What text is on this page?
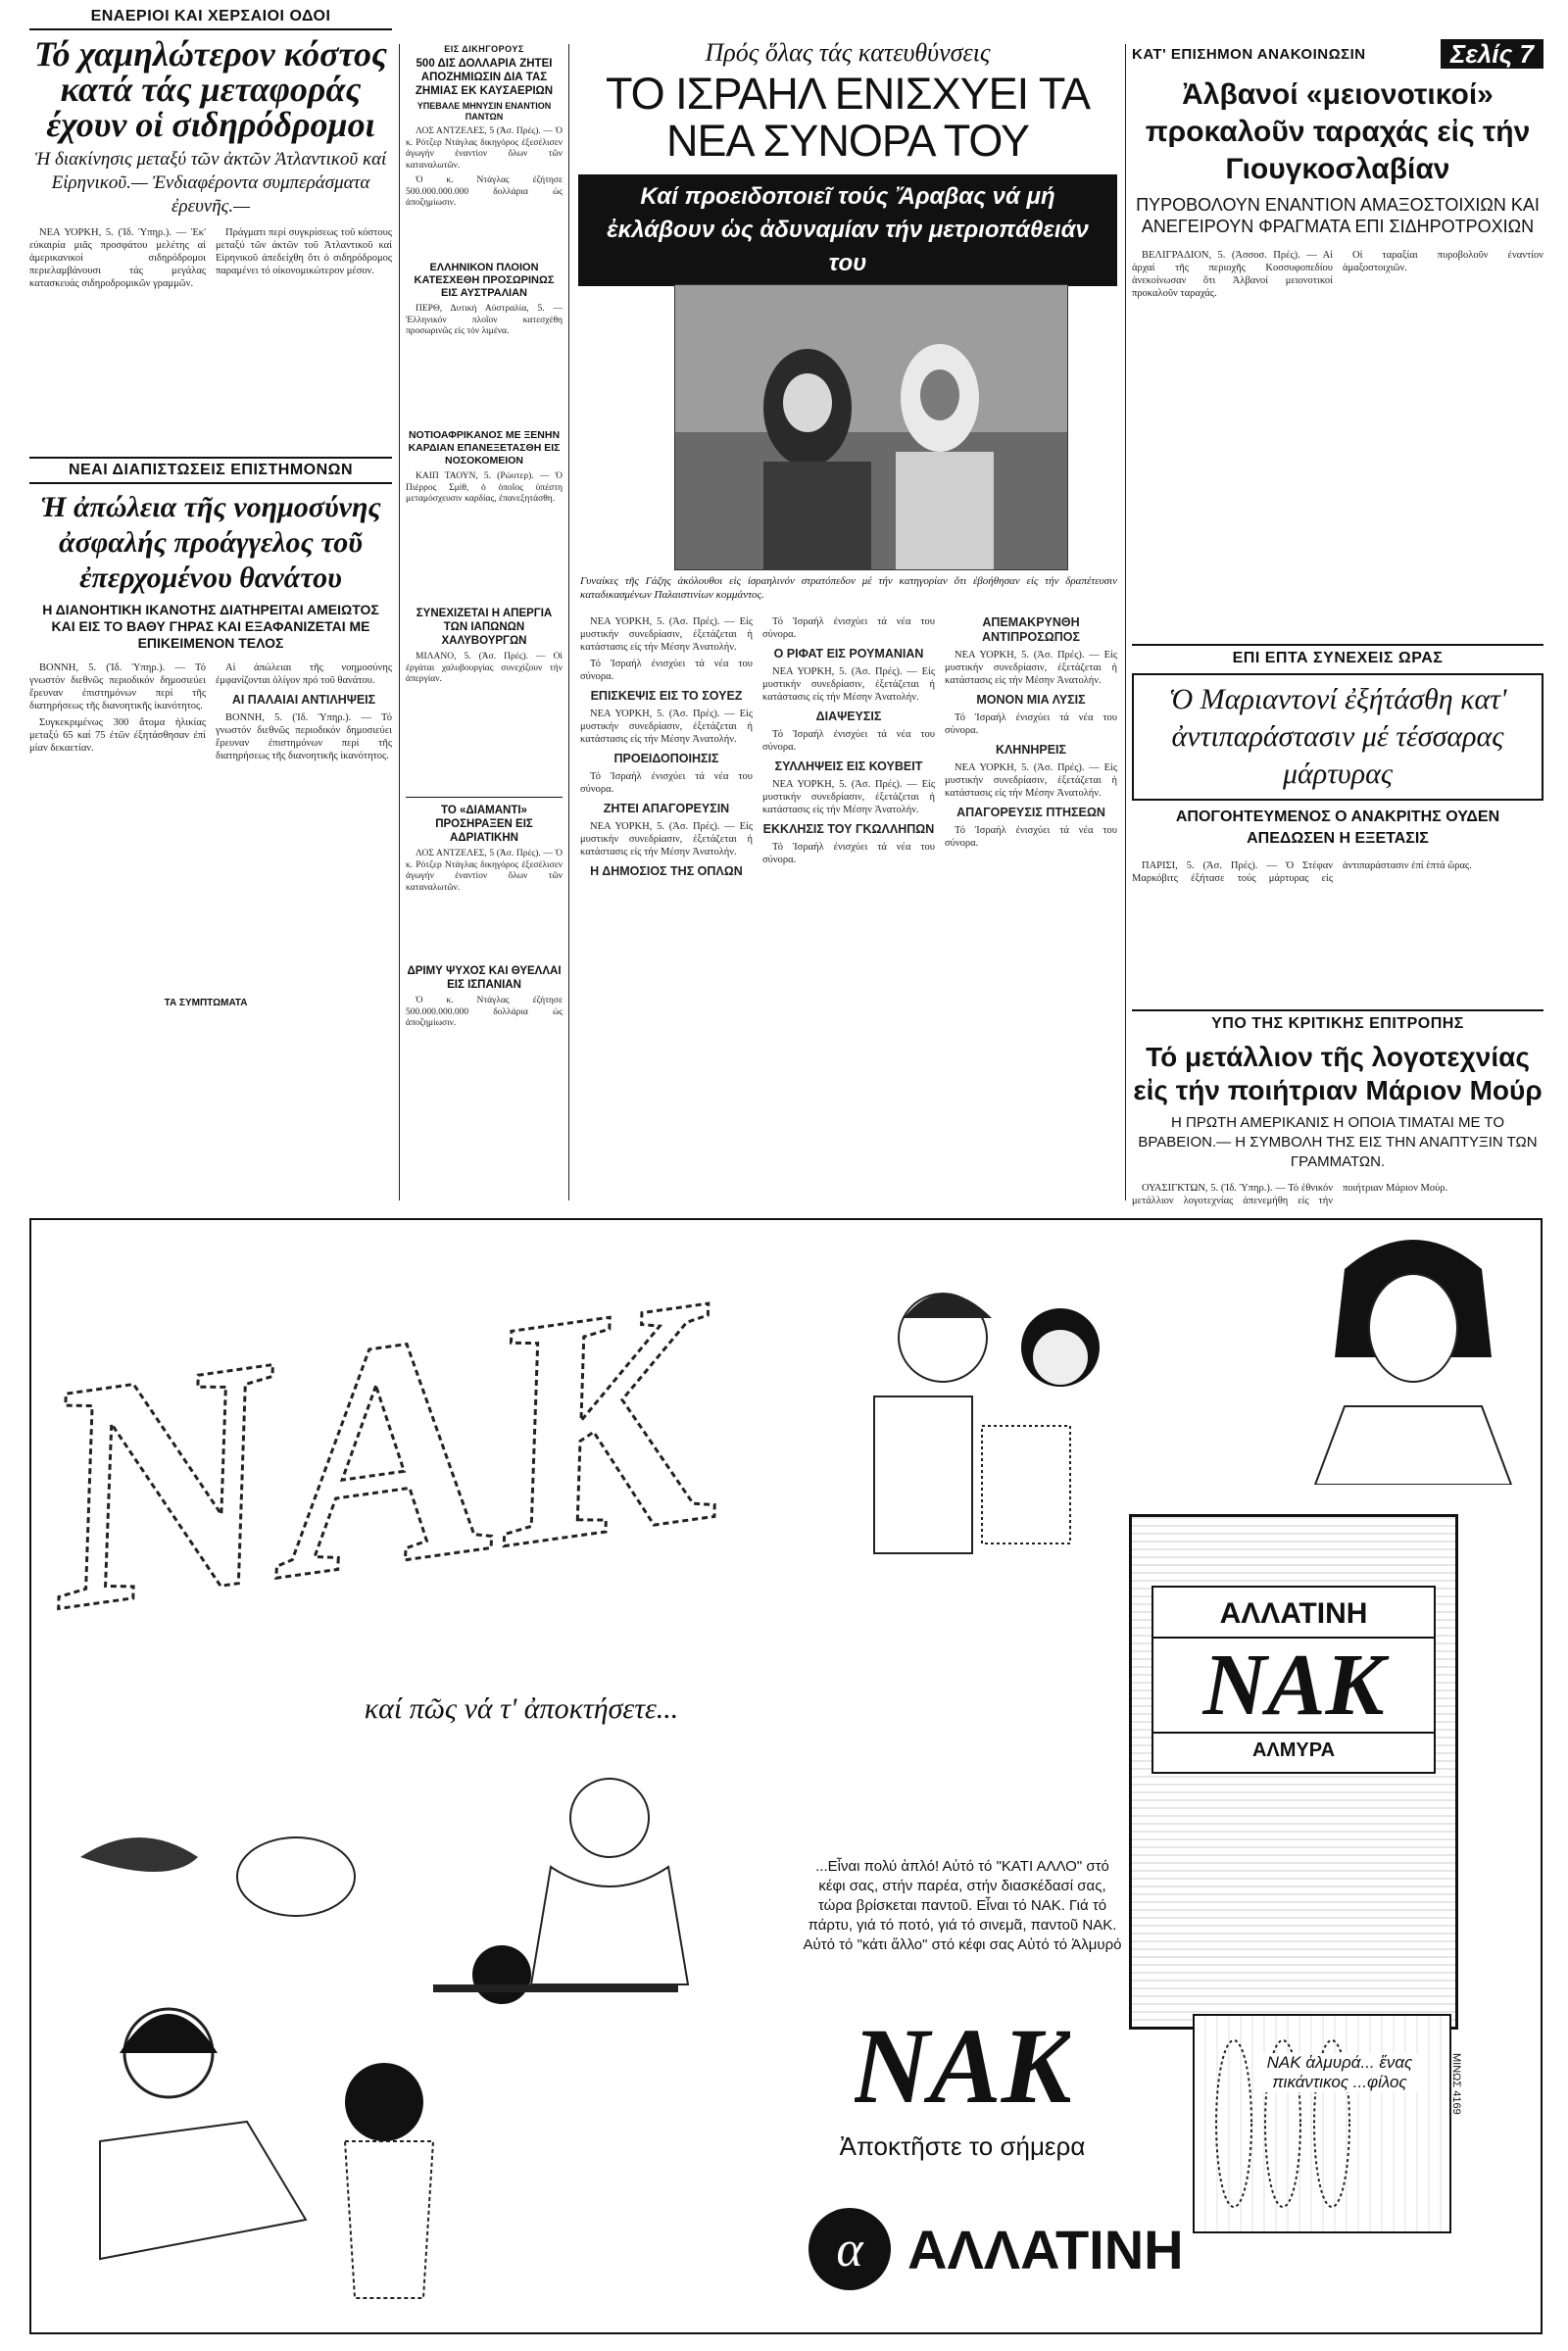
ΕΝΑΕΡΙΟΙ ΚΑΙ ΧΕΡΣΑΙΟΙ ΟΔΟΙ
Τό χαμηλώτερον κόστος κατά τάς μεταφοράς έχουν οἱ σιδηρόδρομοι
Ἡ διακίνησις μεταξύ τῶν ἀκτῶν Ἀτλαντικοῦ καί Εἰρηνικοῦ.— Ἐνδιαφέροντα συμπεράσματα ἐρευνῆς.—

ΝΕΑ ΥΟΡΚΗ, 5. (Ἰδ. Ὑπηρ.). — Ἐκ' εὐκαιρία μιᾶς προσφάτου μελέτης αἱ ἀμερικανικοί σιδηρόδρομοι περιελαμβάνουσι τάς μεγάλας κατασκευάς σιδηροδρομικῶν γραμμῶν.

Πράγματι περί συγκρίσεως τοῦ κόστους μεταξύ τῶν ἀκτῶν τοῦ Ἀτλαντικοῦ καί Εἰρηνικοῦ ἀπεδείχθη ὅτι ὁ σιδηρόδρομος παραμένει τό οἰκονομικώτερον μέσον.

ΝΕΑΙ ΔΙΑΠΙΣΤΩΣΕΙΣ ΕΠΙΣΤΗΜΟΝΩΝ
Ἡ ἀπώλεια τῆς νοημοσύνης ἀσφαλής προάγγελος τοῦ ἐπερχομένου θανάτου
Η ΔΙΑΝΟΗΤΙΚΗ ΙΚΑΝΟΤΗΣ ΔΙΑΤΗΡΕΙΤΑΙ ΑΜΕΙΩΤΟΣ ΚΑΙ ΕΙΣ ΤΟ ΒΑΘΥ ΓΗΡΑΣ ΚΑΙ ΕΞΑΦΑΝΙΖΕΤΑΙ ΜΕ ΕΠΙΚΕΙΜΕΝΟΝ ΤΕΛΟΣ

ΒΟΝΝΗ, 5. (Ἰδ. Ὑπηρ.). — Τό γνωστόν διεθνῶς περιοδικόν δημοσιεύει ἔρευναν ἐπιστημόνων περί τῆς διατηρήσεως τῆς διανοητικῆς ἱκανότητος.

Συγκεκριμένως 300 ἄτομα ἡλικίας μεταξύ 65 καί 75 ἐτῶν ἐξητάσθησαν ἐπί μίαν δεκαετίαν.

Αἱ ἀπώλειαι τῆς νοημοσύνης ἐμφανίζονται ὀλίγον πρό τοῦ θανάτου.

ΑΙ ΠΑΛΑΙΑΙ ΑΝΤΙΛΗΨΕΙΣ

ΒΟΝΝΗ, 5. (Ἰδ. Ὑπηρ.). — Τό γνωστόν διεθνῶς περιοδικόν δημοσιεύει ἔρευναν ἐπιστημόνων περί τῆς διατηρήσεως τῆς διανοητικῆς ἱκανότητος.

ΕΙΣ ΔΙΚΗΓΟΡΟΥΣ
500 ΔΙΣ ΔΟΛΛΑΡΙΑ ΖΗΤΕΙ ΑΠΟΖΗΜΙΩΣΙΝ ΔΙΑ ΤΑΣ ΖΗΜΙΑΣ ΕΚ ΚΑΥΣΑΕΡΙΩΝ
ΥΠΕΒΑΛΕ ΜΗΝΥΣΙΝ ΕΝΑΝΤΙΟΝ ΠΑΝΤΩΝ

ΛΟΣ ΑΝΤΖΕΛΕΣ, 5 (Ἀσ. Πρές). — Ὁ κ. Ρότζερ Ντάγλας δικηγόρος ἐξεσέλισεν ἀγωγήν ἐναντίον ὅλων τῶν καταναλωτῶν.

Ὁ κ. Ντάγλας ἐζήτησε 500.000.000.000 δολλάρια ὡς ἀποζημίωσιν.

ΕΛΛΗΝΙΚΟΝ ΠΛΟΙΟΝ ΚΑΤΕΣΧΕΘΗ ΠΡΟΣΩΡΙΝΩΣ ΕΙΣ ΑΥΣΤΡΑΛΙΑΝ

ΠΕΡΘ, Δυτική Αὐστραλία, 5. — Ἑλληνικόν πλοῖον κατεσχέθη προσωρινῶς εἰς τόν λιμένα.

ΝΟΤΙΟΑΦΡΙΚΑΝΟΣ ΜΕ ΞΕΝΗΝ ΚΑΡΔΙΑΝ ΕΠΑΝΕΞΕΤΑΣΘΗ ΕΙΣ ΝΟΣΟΚΟΜΕΙΟΝ

ΚΑΪΠ ΤΑΟΥΝ, 5. (Ρώυτερ). — Ὁ Πιέρρος Σμίθ, ὁ ὁποῖος ὑπέστη μεταμόσχευσιν καρδίας, ἐπανεξητάσθη.

ΣΥΝΕΧΙΖΕΤΑΙ Η ΑΠΕΡΓΙΑ ΤΩΝ ΙΑΠΩΝΩΝ ΧΑΛΥΒΟΥΡΓΩΝ

ΜΙΛΑΝΟ, 5. (Ἀσ. Πρές). — Οἱ ἐργάται χαλυβουργίας συνεχίζουν τήν ἀπεργίαν.

ΤΟ «ΔΙΑΜΑΝΤΙ» ΠΡΟΣΗΡΑΞΕΝ ΕΙΣ ΑΔΡΙΑΤΙΚΗΝ

ΛΟΣ ΑΝΤΖΕΛΕΣ, 5 (Ἀσ. Πρές). — Ὁ κ. Ρότζερ Ντάγλας δικηγόρος ἐξεσέλισεν ἀγωγήν ἐναντίον ὅλων τῶν καταναλωτῶν.

ΔΡΙΜΥ ΨΥΧΟΣ ΚΑΙ ΘΥΕΛΛΑΙ ΕΙΣ ΙΣΠΑΝΙΑΝ

Ὁ κ. Ντάγλας ἐζήτησε 500.000.000.000 δολλάρια ὡς ἀποζημίωσιν.

ΤΑ ΣΥΜΠΤΩΜΑΤΑ
Πρός ὅλας τάς κατευθύνσεις
ΤΟ ΙΣΡΑΗΛ ΕΝΙΣΧΥΕΙ ΤΑ ΝΕΑ ΣΥΝΟΡΑ ΤΟΥ
Καί προειδοποιεῖ τούς Ἄραβας νά μή ἐκλάβουν ὡς ἀδυναμίαν τήν μετριοπάθειάν του
Γυναίκες τῆς Γάζης ἀκόλουθοι εἰς ἰσραηλινόν στρατόπεδον μέ τήν κατηγορίαν ὅτι ἐβοήθησαν εἰς τήν δραπέτευσιν καταδικασμένων Παλαιστινίων κομμάντος.

ΝΕΑ ΥΟΡΚΗ, 5. (Ἀσ. Πρές). — Εἰς μυστικήν συνεδρίασιν, ἐξετάζεται ἡ κατάστασις εἰς τήν Μέσην Ἀνατολήν.

Τό Ἰσραήλ ἐνισχύει τά νέα του σύνορα.

ΕΠΙΣΚΕΨΙΣ ΕΙΣ ΤΟ ΣΟΥΕΖ

ΝΕΑ ΥΟΡΚΗ, 5. (Ἀσ. Πρές). — Εἰς μυστικήν συνεδρίασιν, ἐξετάζεται ἡ κατάστασις εἰς τήν Μέσην Ἀνατολήν.

ΠΡΟΕΙΔΟΠΟΙΗΣΙΣ

Τό Ἰσραήλ ἐνισχύει τά νέα του σύνορα.

ΖΗΤΕΙ ΑΠΑΓΟΡΕΥΣΙΝ

ΝΕΑ ΥΟΡΚΗ, 5. (Ἀσ. Πρές). — Εἰς μυστικήν συνεδρίασιν, ἐξετάζεται ἡ κατάστασις εἰς τήν Μέσην Ἀνατολήν.

Η ΔΗΜΟΣΙΟΣ ΤΗΣ ΟΠΛΩΝ

Τό Ἰσραήλ ἐνισχύει τά νέα του σύνορα.

Ο ΡΙΦΑΤ ΕΙΣ ΡΟΥΜΑΝΙΑΝ

ΝΕΑ ΥΟΡΚΗ, 5. (Ἀσ. Πρές). — Εἰς μυστικήν συνεδρίασιν, ἐξετάζεται ἡ κατάστασις εἰς τήν Μέσην Ἀνατολήν.

ΔΙΑΨΕΥΣΙΣ

Τό Ἰσραήλ ἐνισχύει τά νέα του σύνορα.

ΣΥΛΛΗΨΕΙΣ ΕΙΣ ΚΟΥΒΕΙΤ

ΝΕΑ ΥΟΡΚΗ, 5. (Ἀσ. Πρές). — Εἰς μυστικήν συνεδρίασιν, ἐξετάζεται ἡ κατάστασις εἰς τήν Μέσην Ἀνατολήν.

ΕΚΚΛΗΣΙΣ ΤΟΥ ΓΚΩΛΛΗΠΩΝ

Τό Ἰσραήλ ἐνισχύει τά νέα του σύνορα.

ΑΠΕΜΑΚΡΥΝΘΗ ΑΝΤΙΠΡΟΣΩΠΟΣ

ΝΕΑ ΥΟΡΚΗ, 5. (Ἀσ. Πρές). — Εἰς μυστικήν συνεδρίασιν, ἐξετάζεται ἡ κατάστασις εἰς τήν Μέσην Ἀνατολήν.

ΜΟΝΟΝ ΜΙΑ ΛΥΣΙΣ

Τό Ἰσραήλ ἐνισχύει τά νέα του σύνορα.

ΚΛΗΝΗΡΕΙΣ

ΝΕΑ ΥΟΡΚΗ, 5. (Ἀσ. Πρές). — Εἰς μυστικήν συνεδρίασιν, ἐξετάζεται ἡ κατάστασις εἰς τήν Μέσην Ἀνατολήν.

ΑΠΑΓΟΡΕΥΣΙΣ ΠΤΗΣΕΩΝ

Τό Ἰσραήλ ἐνισχύει τά νέα του σύνορα.

ΚΑΤ' ΕΠΙΣΗΜΟΝ ΑΝΑΚΟΙΝΩΣΙΝ	Σελίς 7
Ἀλβανοί «μειονοτικοί» προκαλοῦν ταραχάς εἰς τήν Γιουγκοσλαβίαν
ΠΥΡΟΒΟΛΟΥΝ ΕΝΑΝΤΙΟΝ ΑΜΑΞΟΣΤΟΙΧΙΩΝ ΚΑΙ ΑΝΕΓΕΙΡΟΥΝ ΦΡΑΓΜΑΤΑ ΕΠΙ ΣΙΔΗΡΟΤΡΟΧΙΩΝ

ΒΕΛΙΓΡΑΔΙΟΝ, 5. (Ἀσσοσ. Πρές). — Αἱ ἀρχαί τῆς περιοχῆς Κοσσυφοπεδίου ἀνεκοίνωσαν ὅτι Ἀλβανοί μειονοτικοί προκαλοῦν ταραχάς.

Οἱ ταραξίαι πυροβολοῦν ἐναντίον ἁμαξοστοιχιῶν.

ΕΠΙ ΕΠΤΑ ΣΥΝΕΧΕΙΣ ΩΡΑΣ
Ὁ Μαριαντονί ἐξήτάσθη κατ' ἀντιπαράστασιν μέ τέσσαρας μάρτυρας
ΑΠΟΓΟΗΤΕΥΜΕΝΟΣ Ο ΑΝΑΚΡΙΤΗΣ ΟΥΔΕΝ ΑΠΕΔΩΣΕΝ Η ΕΞΕΤΑΣΙΣ

ΠΑΡΙΣΙ, 5. (Ἀσ. Πρές). — Ὁ Στέφαν Μαρκόβιτς ἐξήτασε τούς μάρτυρας εἰς ἀντιπαράστασιν ἐπί ἑπτά ὥρας.

ΥΠΟ ΤΗΣ ΚΡΙΤΙΚΗΣ ΕΠΙΤΡΟΠΗΣ
Τό μετάλλιον τῆς λογοτεχνίας εἰς τήν ποιήτριαν Μάριον Μούρ
Η ΠΡΩΤΗ ΑΜΕΡΙΚΑΝΙΣ Η ΟΠΟΙΑ ΤΙΜΑΤΑΙ ΜΕ ΤΟ ΒΡΑΒΕΙΟΝ.— Η ΣΥΜΒΟΛΗ ΤΗΣ ΕΙΣ ΤΗΝ ΑΝΑΠΤΥΞΙΝ ΤΩΝ ΓΡΑΜΜΑΤΩΝ.

ΟΥΑΣΙΓΚΤΩΝ, 5. (Ἰδ. Ὑπηρ.). — Τό ἐθνικόν μετάλλιον λογοτεχνίας ἀπενεμήθη εἰς τήν ποιήτριαν Μάριον Μούρ.

ΝΑΚ
καί πῶς νά τ' ἀποκτήσετε...
...Εἶναι πολύ ἁπλό! Αὐτό τό "ΚΑΤΙ ΑΛΛΟ" στό κέφι σας, στήν παρέα, στήν διασκέδασί σας, τώρα βρίσκεται παντοῦ. Εἶναι τό ΝΑΚ. Γιά τό πάρτυ, γιά τό ποτό, γιά τό σινεμᾶ, παντοῦ ΝΑΚ. Αὐτό τό "κάτι ἄλλο" στό κέφι σας Αὐτό τό Ἁλμυρό
ΝΑΚ
Ἀποκτῆστε το σήμερα
α ΑΛΛΑΤΙΝΗ
ΑΛΛΑΤΙΝΗ
ΝΑΚ
ΑΛΜΥΡΑ
ΝΑΚ ἁλμυρά... ἕνας πικάντικος ...φίλος	ΜΙΝΩΣ 4169
